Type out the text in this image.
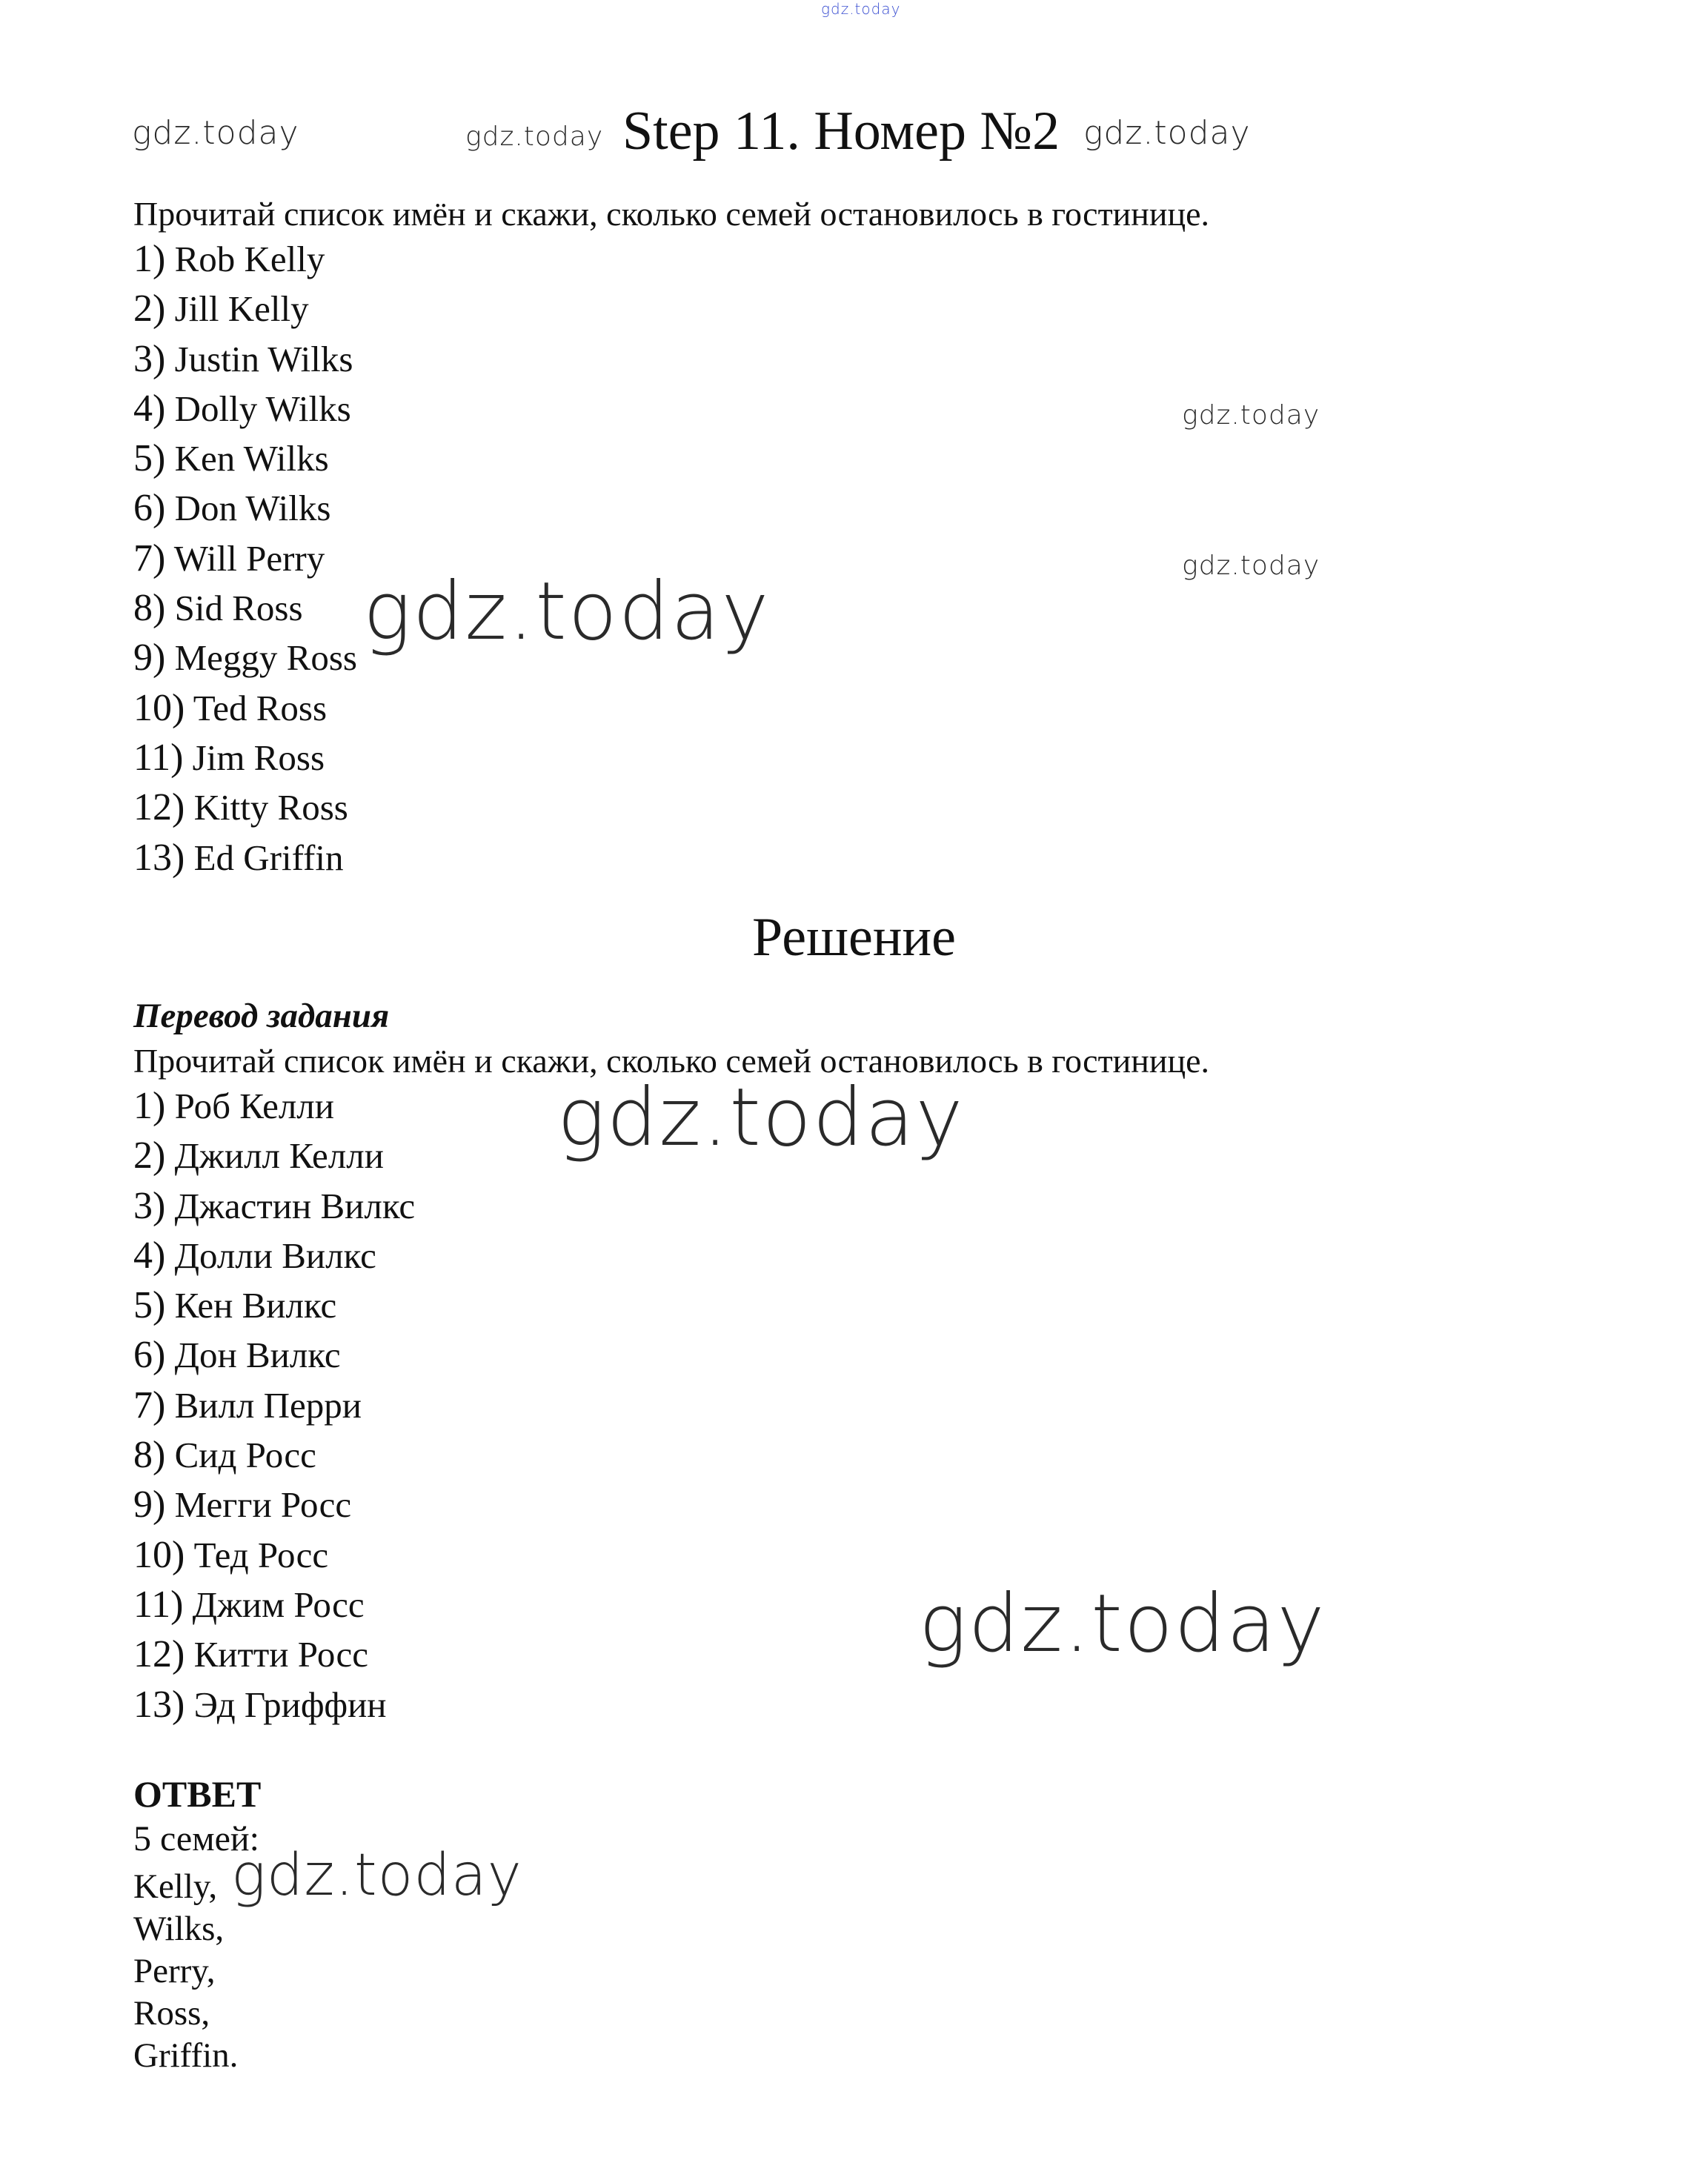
gdz.today
gdz.today	gdz.today	gdz.today
gdz.today
gdz.today
gdz.today
gdz.today
gdz.today
gdz.today
Step 11. Номер №2
Прочитай список имён и скажи, сколько семей остановилось в гостинице.
1) Rob Kelly
2) Jill Kelly
3) Justin Wilks
4) Dolly Wilks
5) Ken Wilks
6) Don Wilks
7) Will Perry
8) Sid Ross
9) Meggy Ross
10) Ted Ross
11) Jim Ross
12) Kitty Ross
13) Ed Griffin
Решение
Перевод задания
Прочитай список имён и скажи, сколько семей остановилось в гостинице.
1) Роб Келли
2) Джилл Келли
3) Джастин Вилкс
4) Долли Вилкс
5) Кен Вилкс
6) Дон Вилкс
7) Вилл Перри
8) Сид Росс
9) Мегги Росс
10) Тед Росс
11) Джим Росс
12) Китти Росс
13) Эд Гриффин
ОТВЕТ
5 семей:
Kelly,
Wilks,
Perry,
Ross,
Griffin.
